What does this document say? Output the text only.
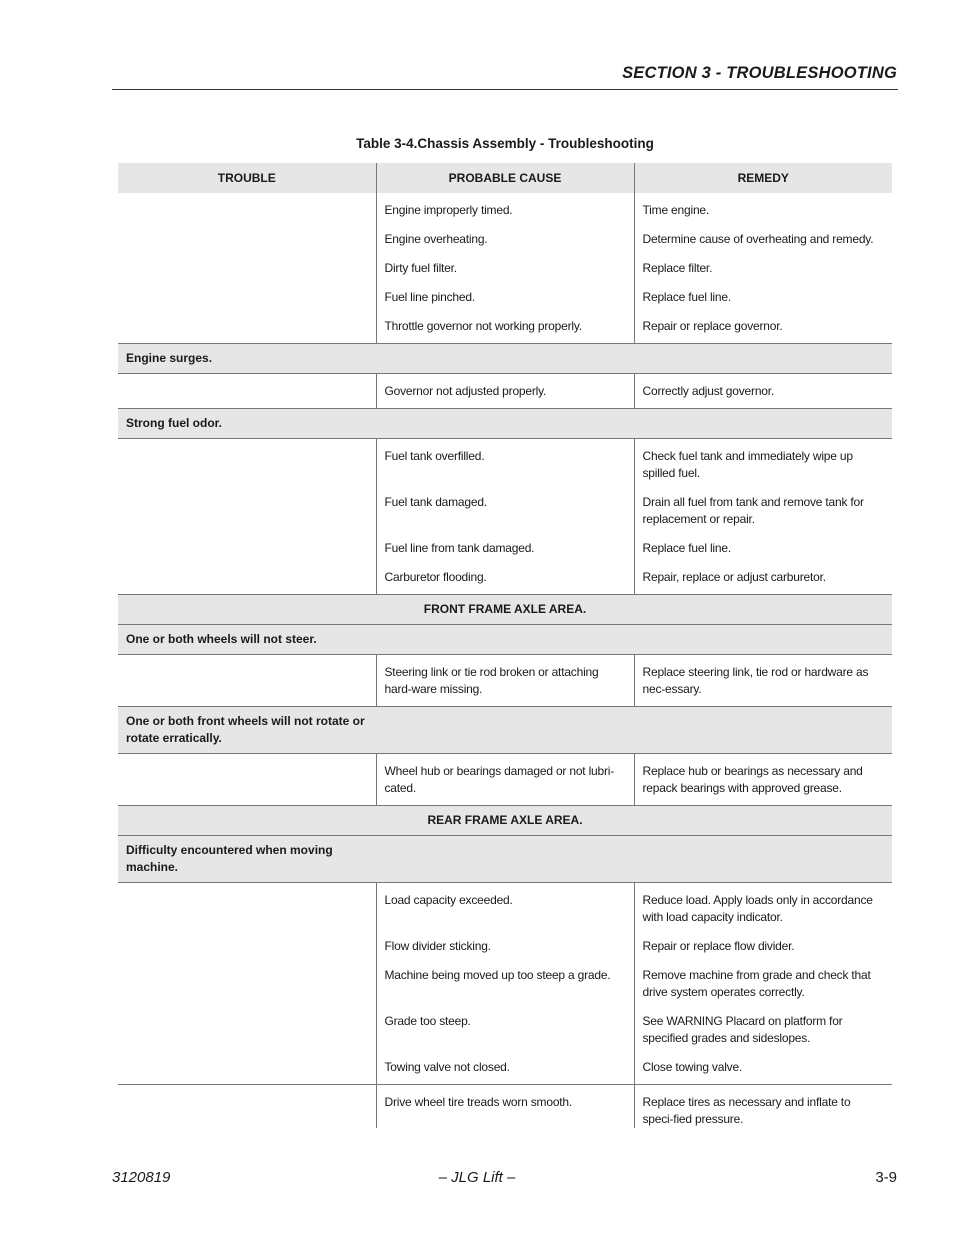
SECTION 3 - TROUBLESHOOTING
Table 3-4.Chassis Assembly - Troubleshooting
TROUBLE	PROBABLE CAUSE	REMEDY
	Engine improperly timed.	Time engine.
	Engine overheating.	Determine cause of overheating and remedy.
	Dirty fuel filter.	Replace filter.
	Fuel line pinched.	Replace fuel line.
	Throttle governor not working properly.	Repair or replace governor.
Engine surges.		
	Governor not adjusted properly.	Correctly adjust governor.
Strong fuel odor.		
	Fuel tank overfilled.	Check fuel tank and immediately wipe up spilled fuel.
	Fuel tank damaged.	Drain all fuel from tank and remove tank for replacement or repair.
	Fuel line from tank damaged.	Replace fuel line.
	Carburetor flooding.	Repair, replace or adjust carburetor.
FRONT FRAME AXLE AREA.		
One or both wheels will not steer.		
	Steering link or tie rod broken or attaching hard-ware missing.	Replace steering link, tie rod or hardware as nec-essary.

One or both front wheels will not rotate or rotate erratically.		

	Wheel hub or bearings damaged or not lubri-cated.	Replace hub or bearings as necessary and repack bearings with approved grease.
REAR FRAME AXLE AREA.		

Difficulty encountered when moving machine.		

	Load capacity exceeded.	Reduce load. Apply loads only in accordance with load capacity indicator.
	Flow divider sticking.	Repair or replace flow divider.
	Machine being moved up too steep a grade.	Remove machine from grade and check that drive system operates correctly.
	Grade too steep.	See WARNING Placard on platform for specified grades and sideslopes.
	Towing valve not closed.	Close towing valve.
	Drive wheel tire treads worn smooth.	Replace tires as necessary and inflate to speci-fied pressure.
3120819	– JLG Lift –	3-9
